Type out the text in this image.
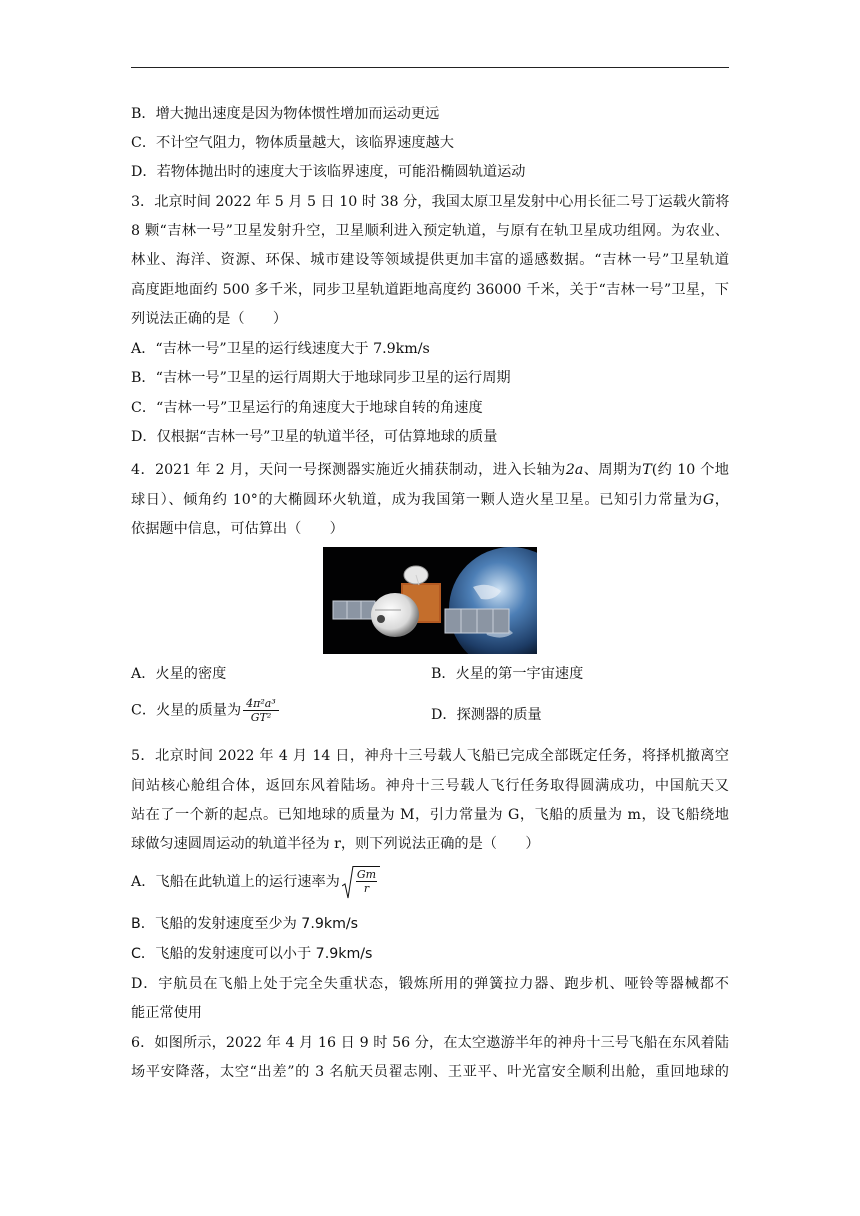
B．增大抛出速度是因为物体惯性增加而运动更远
C．不计空气阻力，物体质量越大，该临界速度越大
D．若物体抛出时的速度大于该临界速度，可能沿椭圆轨道运动
3．北京时间 2022 年 5 月 5 日 10 时 38 分，我国太原卫星发射中心用长征二号丁运载火箭将
8 颗“吉林一号”卫星发射升空，卫星顺利进入预定轨道，与原有在轨卫星成功组网。为农业、
林业、海洋、资源、环保、城市建设等领域提供更加丰富的遥感数据。“吉林一号”卫星轨道
高度距地面约 500 多千米，同步卫星轨道距地高度约 36000 千米，关于“吉林一号”卫星，下
列说法正确的是（　　）
A．“吉林一号”卫星的运行线速度大于 7.9km/s
B．“吉林一号”卫星的运行周期大于地球同步卫星的运行周期
C．“吉林一号”卫星运行的角速度大于地球自转的角速度
D．仅根据“吉林一号”卫星的轨道半径，可估算地球的质量
4．2021 年 2 月，天问一号探测器实施近火捕获制动，进入长轴为2a、周期为T(约 10 个地
球日）、倾角约 10°的大椭圆环火轨道，成为我国第一颗人造火星卫星。已知引力常量为G，
依据题中信息，可估算出（　　）
A．火星的密度	B．火星的第一宇宙速度
C．火星的质量为 $\frac{\text{4π²a³}}{\text{GT²}}$	D．探测器的质量
5．北京时间 2022 年 4 月 14 日，神舟十三号载人飞船已完成全部既定任务，将择机撤离空
间站核心舱组合体，返回东风着陆场。神舟十三号载人飞行任务取得圆满成功，中国航天又
站在了一个新的起点。已知地球的质量为 M，引力常量为 G，飞船的质量为 m，设飞船绕地
球做匀速圆周运动的轨道半径为 r，则下列说法正确的是（　　）
A．飞船在此轨道上的运行速率为 $\frac{Gm}{r}$
B．飞船的发射速度至少为 7.9km/s
C．飞船的发射速度可以小于 7.9km/s
D．宇航员在飞船上处于完全失重状态，锻炼所用的弹簧拉力器、跑步机、哑铃等器械都不
能正常使用
6．如图所示，2022 年 4 月 16 日 9 时 56 分，在太空遨游半年的神舟十三号飞船在东风着陆
场平安降落，太空“出差”的 3 名航天员翟志刚、王亚平、叶光富安全顺利出舱，重回地球的
